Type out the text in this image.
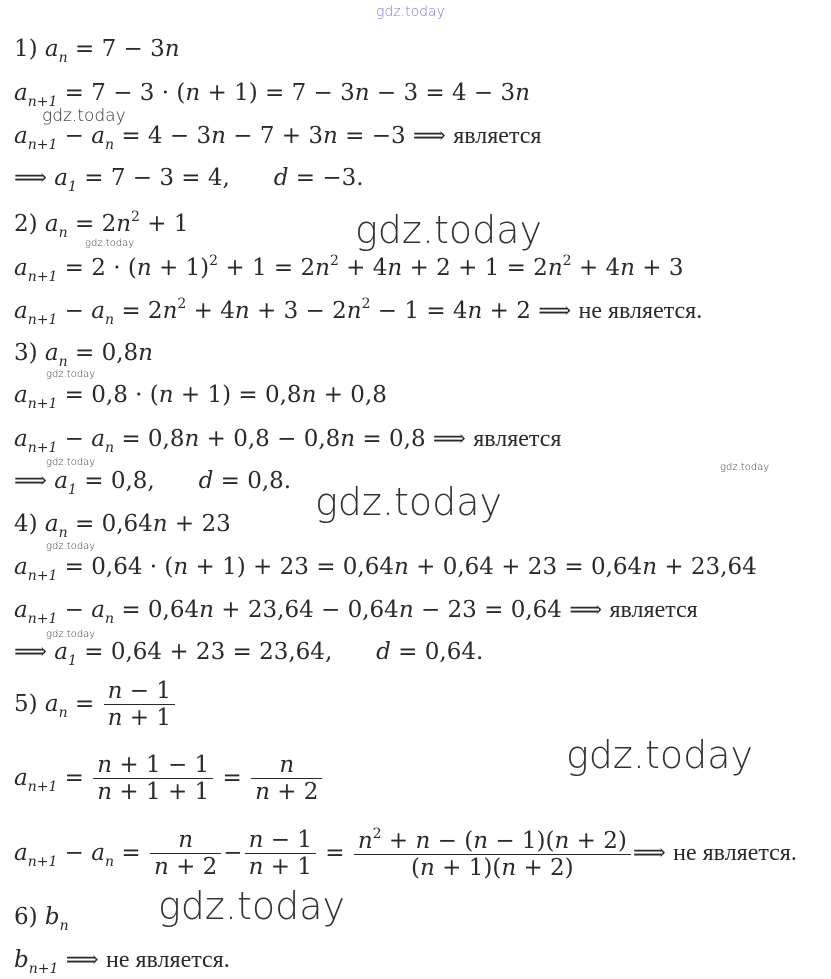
gdz.today
gdz.today
gdz.today
gdz.today
gdz.today
gdz.today	gdz.today
gdz.today
gdz.today
gdz.today
gdz.today
gdz.today
1) $a_n = 7 - 3n$
$a_{n+1} = 7 - 3 \cdot (n + 1) = 7 - 3n - 3 = 4 - 3n$
$a_{n+1} - a_n = 4 - 3n - 7 + 3n = -3$ ⟹ является
⟹ $a_1 = 7 - 3 = 4$,      d = −3.
2) $a_n = 2n^2 + 1$
$a_{n+1} = 2 \cdot (n + 1)^2 + 1 = 2n^2 + 4n + 2 + 1 = 2n^2 + 4n + 3$
$a_{n+1} - a_n = 2n^2 + 4n + 3 - 2n^2 - 1 = 4n + 2$ ⟹ не является.
3) $a_n = 0,8n$
$a_{n+1} = 0,8 \cdot (n + 1) = 0,8n + 0,8$
$a_{n+1} - a_n = 0,8n + 0,8 - 0,8n = 0,8$ ⟹ является
⟹ $a_1 = 0,8$,      d = 0,8.
4) $a_n = 0,64n + 23$
$a_{n+1} = 0,64 \cdot (n + 1) + 23 = 0,64n + 0,64 + 23 = 0,64n + 23,64$
$a_{n+1} - a_n = 0,64n + 23,64 - 0,64n - 23 = 0,64$ ⟹ является
⟹ $a_1 = 0,64 + 23 = 23,64$,      d = 0,64.
5) $a_n = \frac{n - 1}{n + 1}$
$a_{n+1} = \frac{n + 1 - 1}{n + 1 + 1} = \frac{n}{n + 2}$
$a_{n+1} - a_n = \frac{n}{n + 2} - \frac{n - 1}{n + 1} = \frac{n^2 + n - (n - 1)(n + 2)}{(n + 1)(n + 2)}$ ⟹ не является.
6) $b_n$
$b_{n+1}$ ⟹ не является.
